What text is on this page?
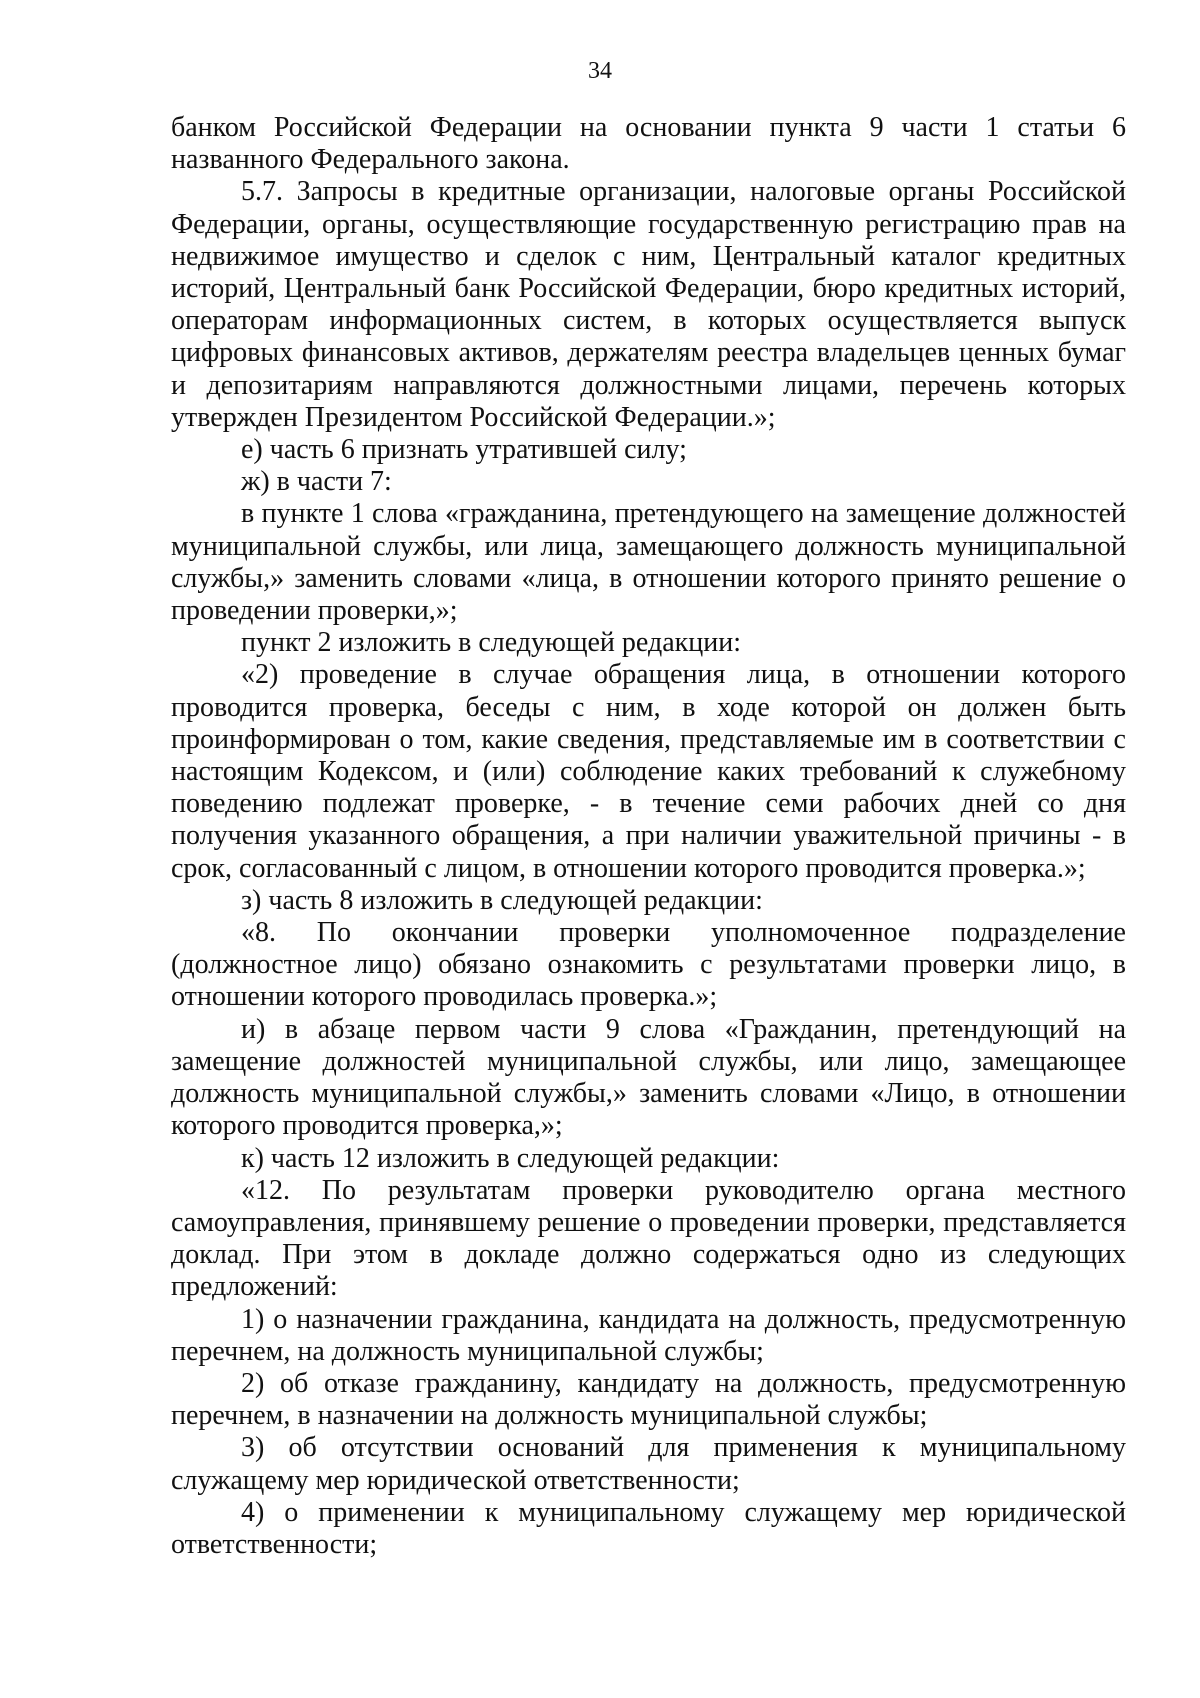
34

банком Российской Федерации на основании пункта 9 части 1 статьи 6 названного Федерального закона.

5.7. Запросы в кредитные организации, налоговые органы Российской Федерации, органы, осуществляющие государственную регистрацию прав на недвижимое имущество и сделок с ним, Центральный каталог кредитных историй, Центральный банк Российской Федерации, бюро кредитных историй, операторам информационных систем, в которых осуществляется выпуск цифровых финансовых активов, держателям реестра владельцев ценных бумаг и депозитариям направляются должностными лицами, перечень которых утвержден Президентом Российской Федерации.»;

е) часть 6 признать утратившей силу;

ж) в части 7:

в пункте 1 слова «гражданина, претендующего на замещение должностей муниципальной службы, или лица, замещающего должность муниципальной службы,» заменить словами «лица, в отношении которого принято решение о проведении проверки,»;

пункт 2 изложить в следующей редакции:

«2) проведение в случае обращения лица, в отношении которого проводится проверка, беседы с ним, в ходе которой он должен быть проинформирован о том, какие сведения, представляемые им в соответствии с настоящим Кодексом, и (или) соблюдение каких требований к служебному поведению подлежат проверке, - в течение семи рабочих дней со дня получения указанного обращения, а при наличии уважительной причины - в срок, согласованный с лицом, в отношении которого проводится проверка.»;

з) часть 8 изложить в следующей редакции:

«8. По окончании проверки уполномоченное подразделение (должностное лицо) обязано ознакомить с результатами проверки лицо, в отношении которого проводилась проверка.»;

и) в абзаце первом части 9 слова «Гражданин, претендующий на замещение должностей муниципальной службы, или лицо, замещающее должность муниципальной службы,» заменить словами «Лицо, в отношении которого проводится проверка,»;

к) часть 12 изложить в следующей редакции:

«12. По результатам проверки руководителю органа местного самоуправления, принявшему решение о проведении проверки, представляется доклад. При этом в докладе должно содержаться одно из следующих предложений:

1) о назначении гражданина, кандидата на должность, предусмотренную перечнем, на должность муниципальной службы;

2) об отказе гражданину, кандидату на должность, предусмотренную перечнем, в назначении на должность муниципальной службы;

3) об отсутствии оснований для применения к муниципальному служащему мер юридической ответственности;

4) о применении к муниципальному служащему мер юридической ответственности;
